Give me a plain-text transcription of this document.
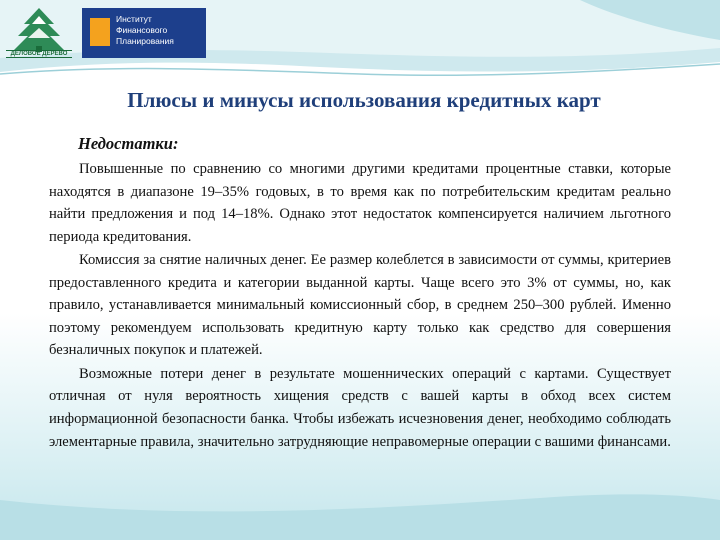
ДЕЛОВОЕ ДЕРЕВО
Институт
Финансового
Планирования
Плюсы и минусы использования кредитных карт
Недостатки:

Повышенные по сравнению со многими другими кредитами процентные ставки, которые находятся в диапазоне 19–35% годовых, в то время как по потребительским кредитам реально найти предложения и под 14–18%. Однако этот недостаток компенсируется наличием льготного периода кредитования.

Комиссия за снятие наличных денег. Ее размер колеблется в зависимости от суммы, критериев предоставленного кредита и категории выданной карты. Чаще всего это 3% от суммы, но, как правило, устанавливается минимальный комиссионный сбор, в среднем 250–300 рублей. Именно поэтому рекомендуем использовать кредитную карту только как средство для совершения безналичных покупок и платежей.

Возможные потери денег в результате мошеннических операций с картами. Существует отличная от нуля вероятность хищения средств с вашей карты в обход всех систем информационной безопасности банка. Чтобы избежать исчезновения денег, необходимо соблюдать элементарные правила, значительно затрудняющие неправомерные операции с вашими финансами.
